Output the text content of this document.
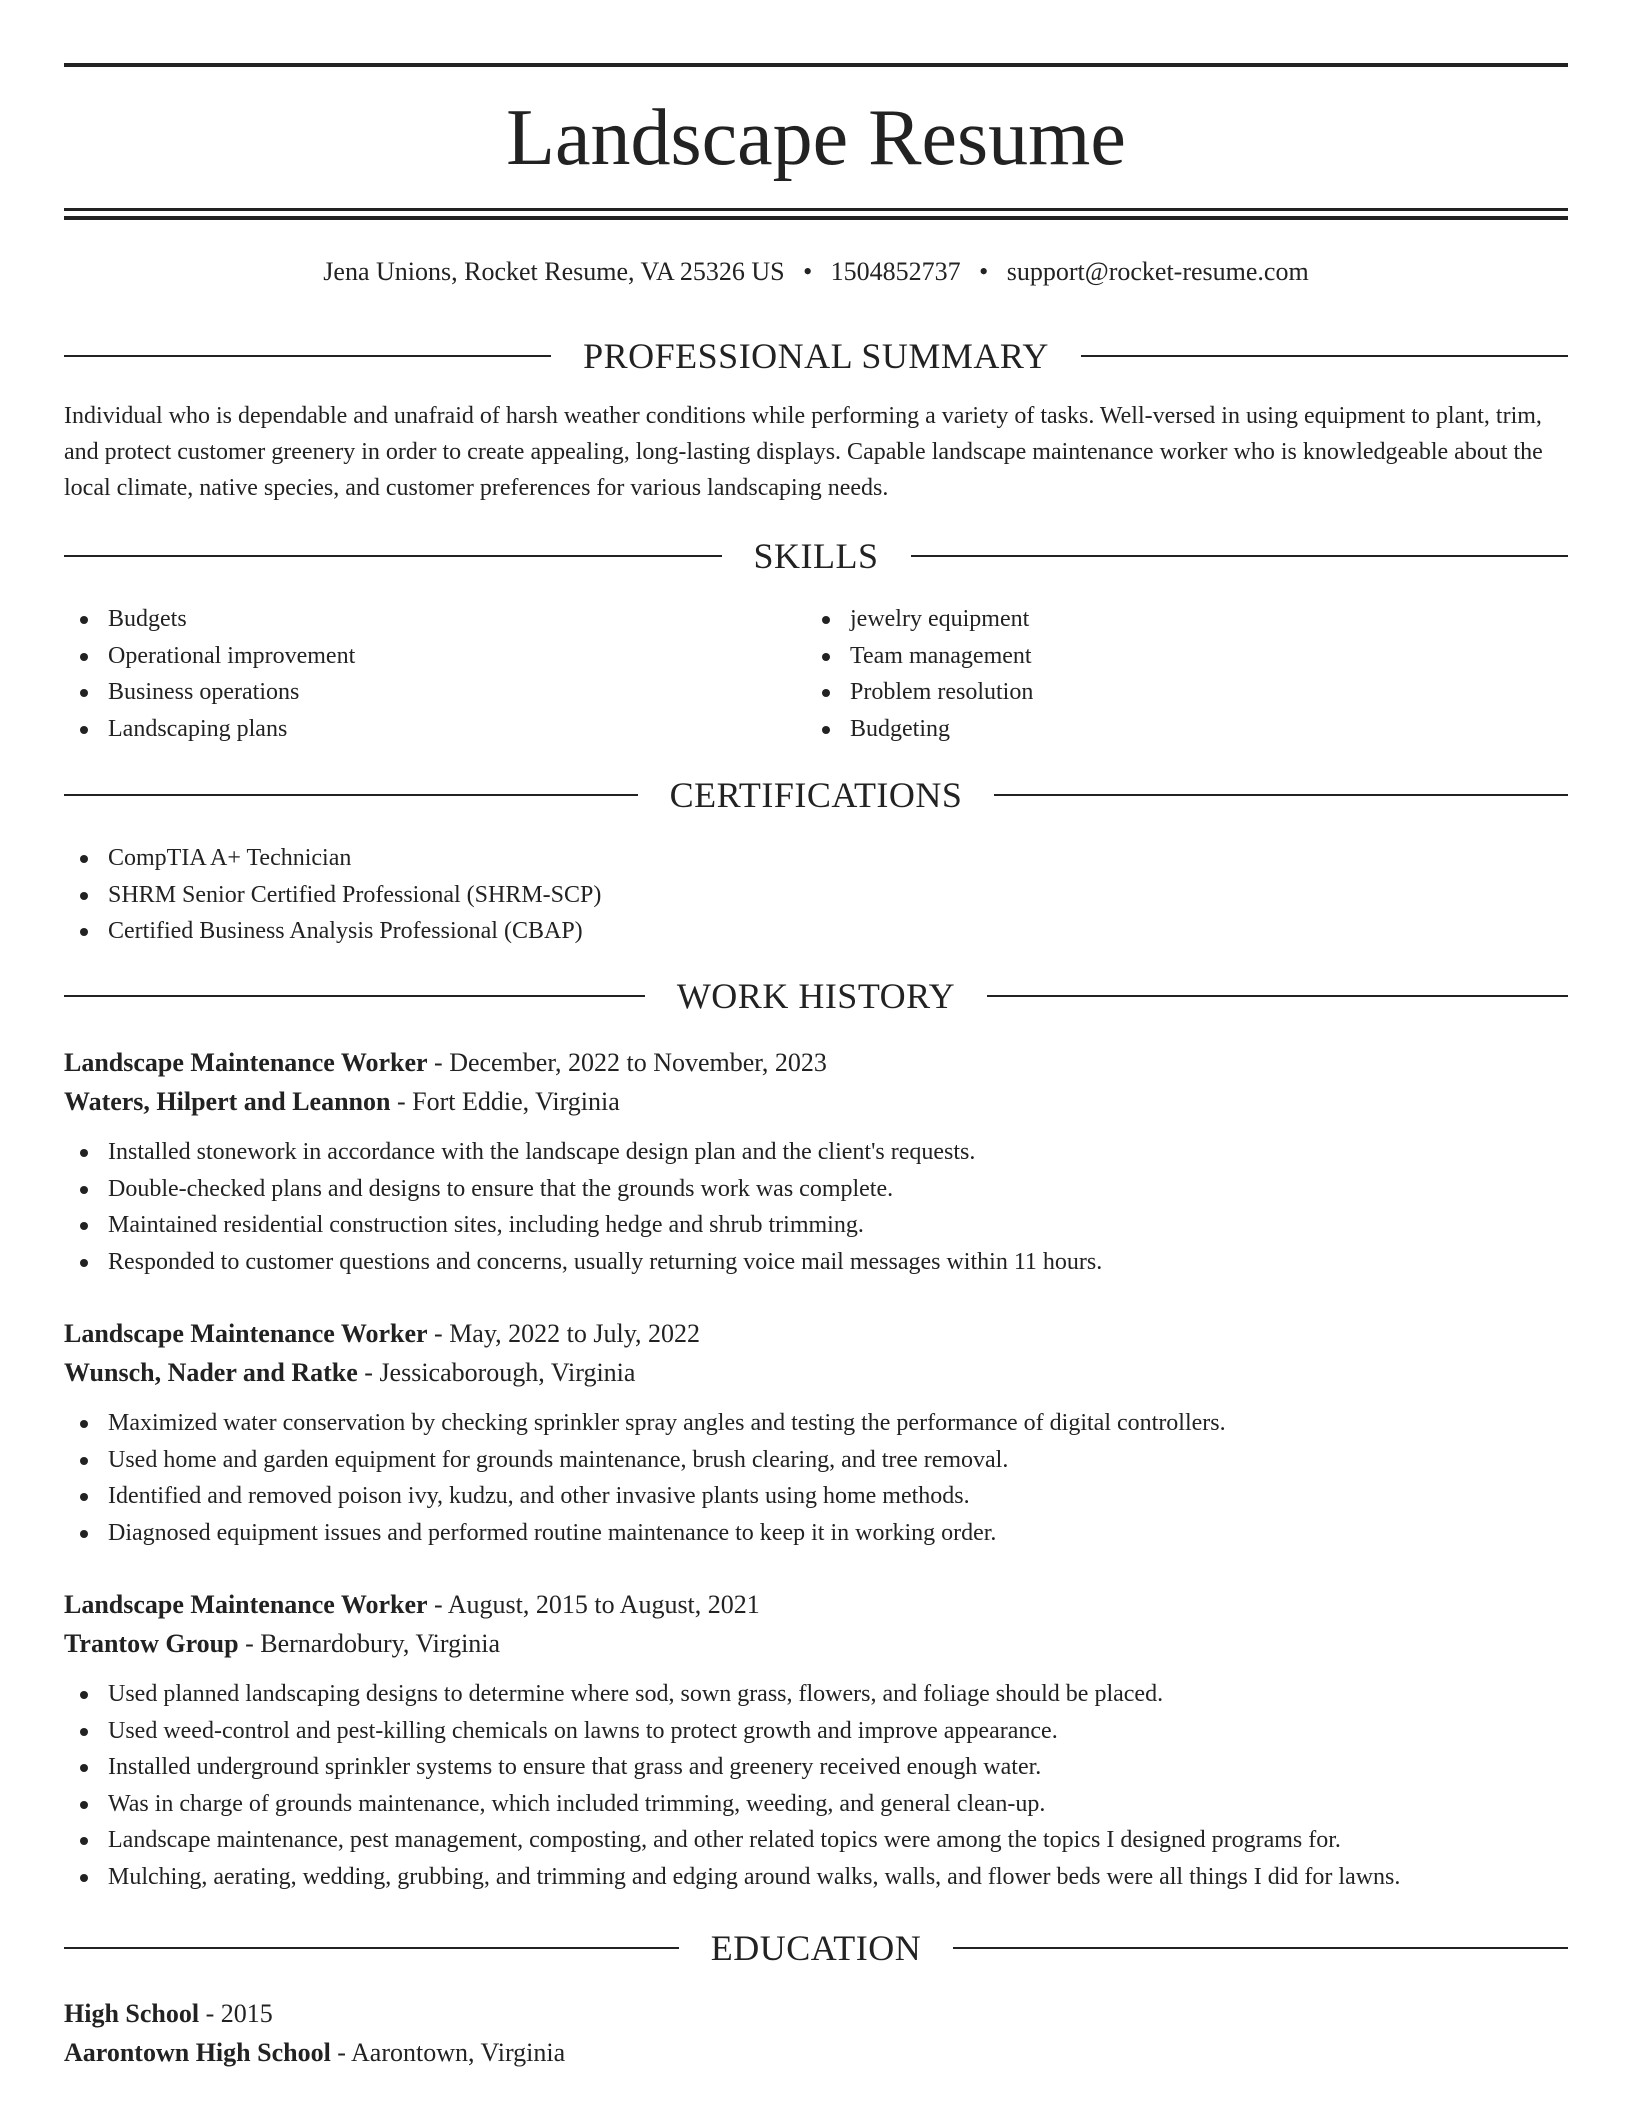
Landscape Resume
Jena Unions, Rocket Resume, VA 25326 US • 1504852737 • support@rocket-resume.com
PROFESSIONAL SUMMARY

Individual who is dependable and unafraid of harsh weather conditions while performing a variety of tasks. Well-versed in using equipment to plant, trim, and protect customer greenery in order to create appealing, long-lasting displays. Capable landscape maintenance worker who is knowledgeable about the local climate, native species, and customer preferences for various landscaping needs.

SKILLS
Budgets
Operational improvement
Business operations
Landscaping plans
jewelry equipment
Team management
Problem resolution
Budgeting
CERTIFICATIONS
CompTIA A+ Technician
SHRM Senior Certified Professional (SHRM-SCP)
Certified Business Analysis Professional (CBAP)
WORK HISTORY
Landscape Maintenance Worker - December, 2022 to November, 2023
Waters, Hilpert and Leannon - Fort Eddie, Virginia
Installed stonework in accordance with the landscape design plan and the client's requests.
Double-checked plans and designs to ensure that the grounds work was complete.
Maintained residential construction sites, including hedge and shrub trimming.
Responded to customer questions and concerns, usually returning voice mail messages within 11 hours.
Landscape Maintenance Worker - May, 2022 to July, 2022
Wunsch, Nader and Ratke - Jessicaborough, Virginia
Maximized water conservation by checking sprinkler spray angles and testing the performance of digital controllers.
Used home and garden equipment for grounds maintenance, brush clearing, and tree removal.
Identified and removed poison ivy, kudzu, and other invasive plants using home methods.
Diagnosed equipment issues and performed routine maintenance to keep it in working order.
Landscape Maintenance Worker - August, 2015 to August, 2021
Trantow Group - Bernardobury, Virginia
Used planned landscaping designs to determine where sod, sown grass, flowers, and foliage should be placed.
Used weed-control and pest-killing chemicals on lawns to protect growth and improve appearance.
Installed underground sprinkler systems to ensure that grass and greenery received enough water.
Was in charge of grounds maintenance, which included trimming, weeding, and general clean-up.
Landscape maintenance, pest management, composting, and other related topics were among the topics I designed programs for.
Mulching, aerating, wedding, grubbing, and trimming and edging around walks, walls, and flower beds were all things I did for lawns.
EDUCATION
High School - 2015
Aarontown High School - Aarontown, Virginia
